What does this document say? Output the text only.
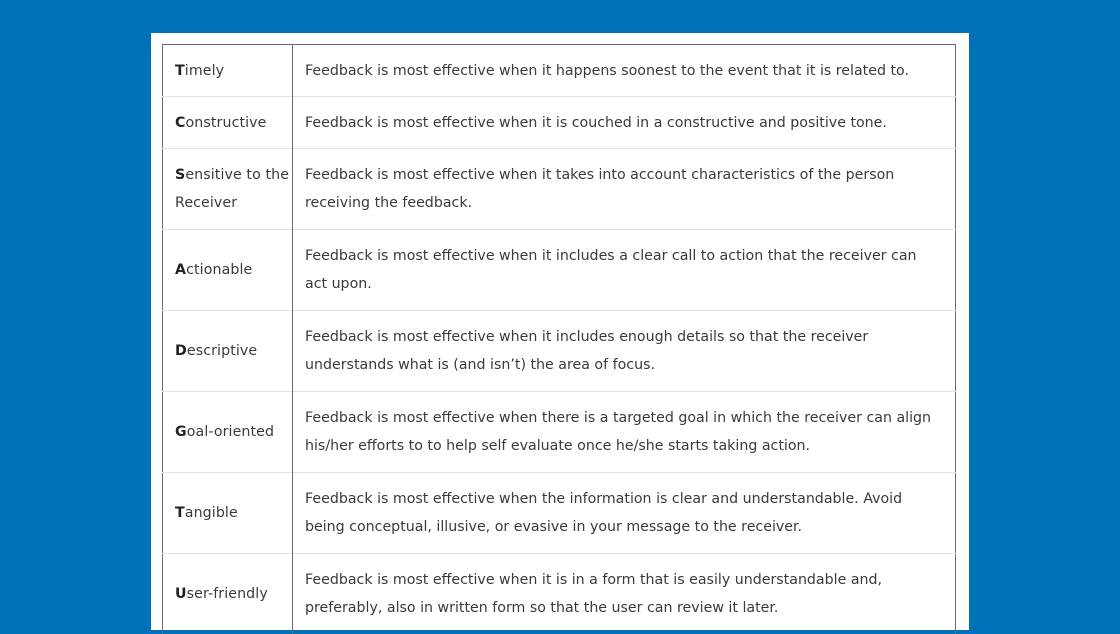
Timely	Feedback is most effective when it happens soonest to the event that it is related to.
Constructive	Feedback is most effective when it is couched in a constructive and positive tone.
Sensitive to the Receiver	Feedback is most effective when it takes into account characteristics of the person receiving the feedback.
Actionable	Feedback is most effective when it includes a clear call to action that the receiver can act upon.
Descriptive	Feedback is most effective when it includes enough details so that the receiver understands what is (and isn’t) the area of focus.
Goal-oriented	Feedback is most effective when there is a targeted goal in which the receiver can align his/her efforts to to help self evaluate once he/she starts taking action.
Tangible	Feedback is most effective when the information is clear and understandable. Avoid being conceptual, illusive, or evasive in your message to the receiver.
User-friendly	Feedback is most effective when it is in a form that is easily understandable and, preferably, also in written form so that the user can review it later.
